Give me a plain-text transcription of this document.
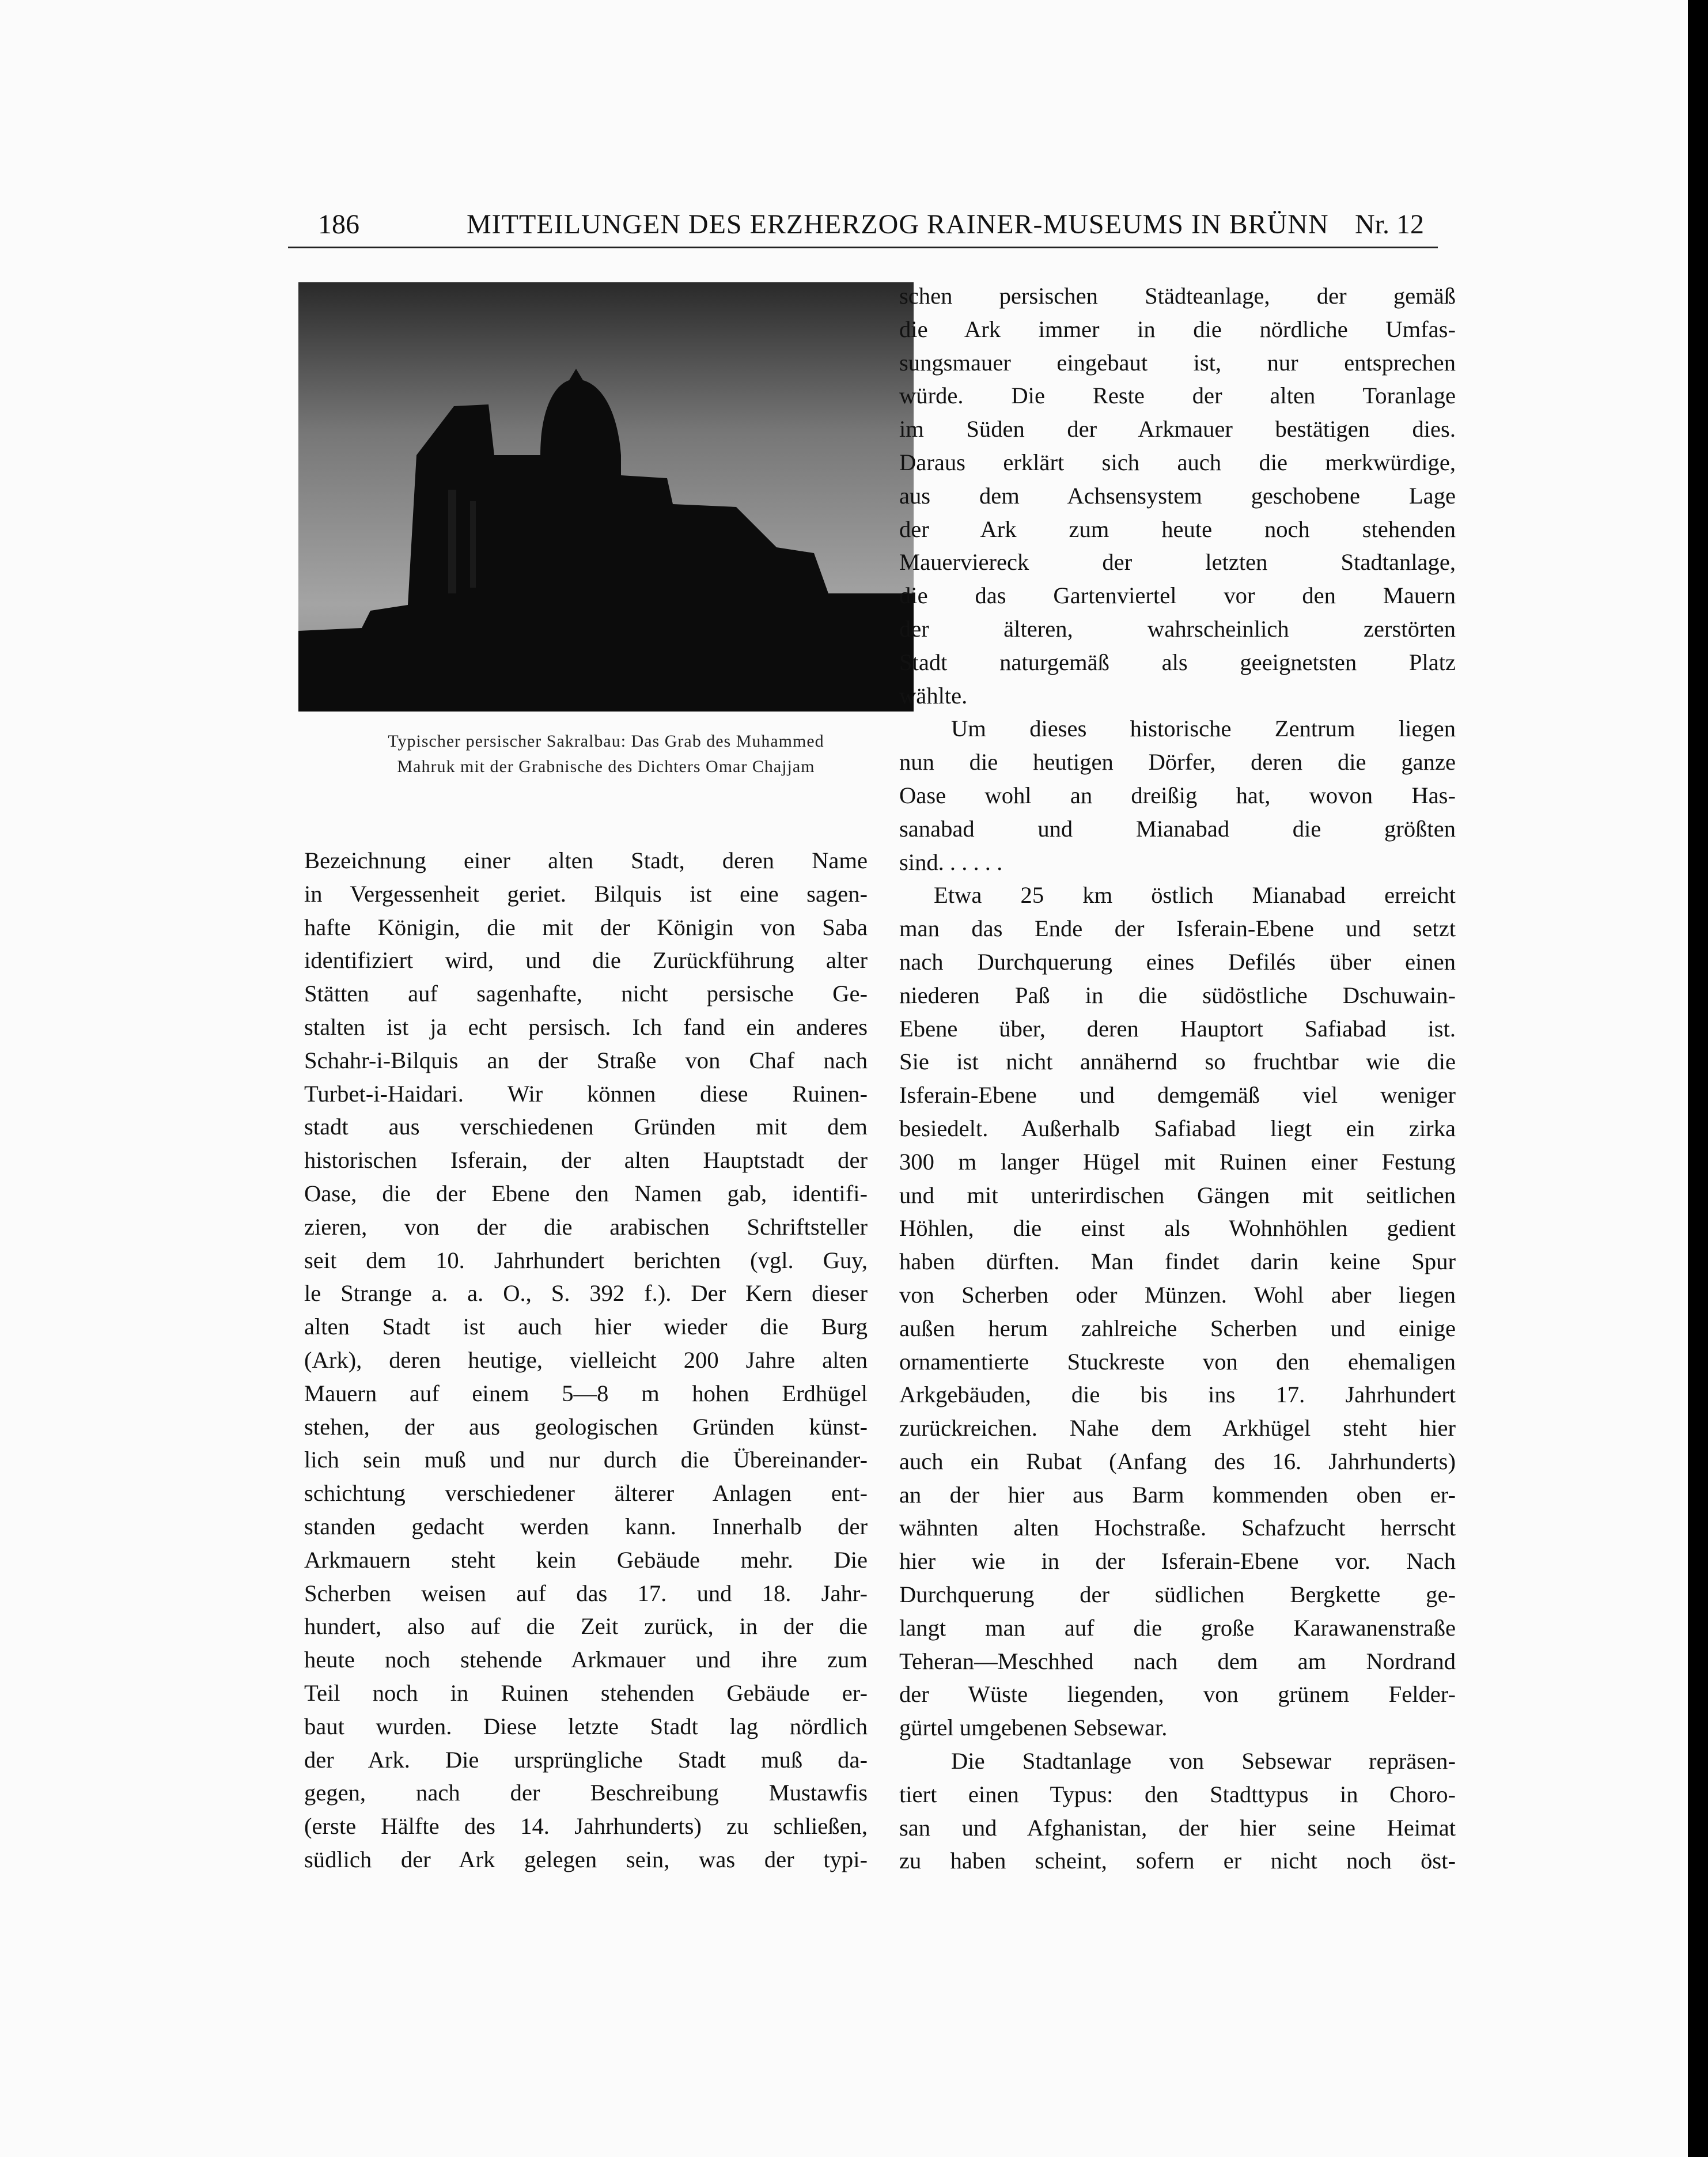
186	MITTEILUNGEN DES ERZHERZOG RAINER-MUSEUMS IN BRÜNN Nr. 12
Typischer persischer Sakralbau: Das Grab des Muhammed
Mahruk mit der Grabnische des Dichters Omar Chajjam

Bezeichnung einer alten Stadt, deren Name
in Vergessenheit geriet. Bilquis ist eine sagen-
hafte Königin, die mit der Königin von Saba
identifiziert wird, und die Zurückführung alter
Stätten auf sagenhafte, nicht persische Ge-
stalten ist ja echt persisch. Ich fand ein anderes
Schahr-i-Bilquis an der Straße von Chaf nach
Turbet-i-Haidari. Wir können diese Ruinen-
stadt aus verschiedenen Gründen mit dem
historischen Isferain, der alten Hauptstadt der
Oase, die der Ebene den Namen gab, identifi-
zieren, von der die arabischen Schriftsteller
seit dem 10. Jahrhundert berichten (vgl. Guy,
le Strange a. a. O., S. 392 f.). Der Kern dieser
alten Stadt ist auch hier wieder die Burg
(Ark), deren heutige, vielleicht 200 Jahre alten
Mauern auf einem 5—8 m hohen Erdhügel
stehen, der aus geologischen Gründen künst-
lich sein muß und nur durch die Übereinander-
schichtung verschiedener älterer Anlagen ent-
standen gedacht werden kann. Innerhalb der
Arkmauern steht kein Gebäude mehr. Die
Scherben weisen auf das 17. und 18. Jahr-
hundert, also auf die Zeit zurück, in der die
heute noch stehende Arkmauer und ihre zum
Teil noch in Ruinen stehenden Gebäude er-
baut wurden. Diese letzte Stadt lag nördlich
der Ark. Die ursprüngliche Stadt muß da-
gegen, nach der Beschreibung Mustawfis
(erste Hälfte des 14. Jahrhunderts) zu schließen,
südlich der Ark gelegen sein, was der typi-

schen persischen Städteanlage, der gemäß
die Ark immer in die nördliche Umfas-
sungsmauer eingebaut ist, nur entsprechen
würde. Die Reste der alten Toranlage
im Süden der Arkmauer bestätigen dies.
Daraus erklärt sich auch die merkwürdige,
aus dem Achsensystem geschobene Lage
der Ark zum heute noch stehenden
Mauerviereck der letzten Stadtanlage,
die das Gartenviertel vor den Mauern
der älteren, wahrscheinlich zerstörten
Stadt naturgemäß als geeignetsten Platz
wählte.

Um dieses historische Zentrum liegen
nun die heutigen Dörfer, deren die ganze
Oase wohl an dreißig hat, wovon Has-
sanabad und Mianabad die größten
sind. . . . . .

Etwa 25 km östlich Mianabad erreicht
man das Ende der Isferain-Ebene und setzt
nach Durchquerung eines Defilés über einen
niederen Paß in die südöstliche Dschuwain-
Ebene über, deren Hauptort Safiabad ist.
Sie ist nicht annähernd so fruchtbar wie die
Isferain-Ebene und demgemäß viel weniger
besiedelt. Außerhalb Safiabad liegt ein zirka
300 m langer Hügel mit Ruinen einer Festung
und mit unterirdischen Gängen mit seitlichen
Höhlen, die einst als Wohnhöhlen gedient
haben dürften. Man findet darin keine Spur
von Scherben oder Münzen. Wohl aber liegen
außen herum zahlreiche Scherben und einige
ornamentierte Stuckreste von den ehemaligen
Arkgebäuden, die bis ins 17. Jahrhundert
zurückreichen. Nahe dem Arkhügel steht hier
auch ein Rubat (Anfang des 16. Jahrhunderts)
an der hier aus Barm kommenden oben er-
wähnten alten Hochstraße. Schafzucht herrscht
hier wie in der Isferain-Ebene vor. Nach
Durchquerung der südlichen Bergkette ge-
langt man auf die große Karawanenstraße
Teheran—Meschhed nach dem am Nordrand
der Wüste liegenden, von grünem Felder-
gürtel umgebenen Sebsewar.

Die Stadtanlage von Sebsewar repräsen-
tiert einen Typus: den Stadttypus in Choro-
san und Afghanistan, der hier seine Heimat
zu haben scheint, sofern er nicht noch öst-
